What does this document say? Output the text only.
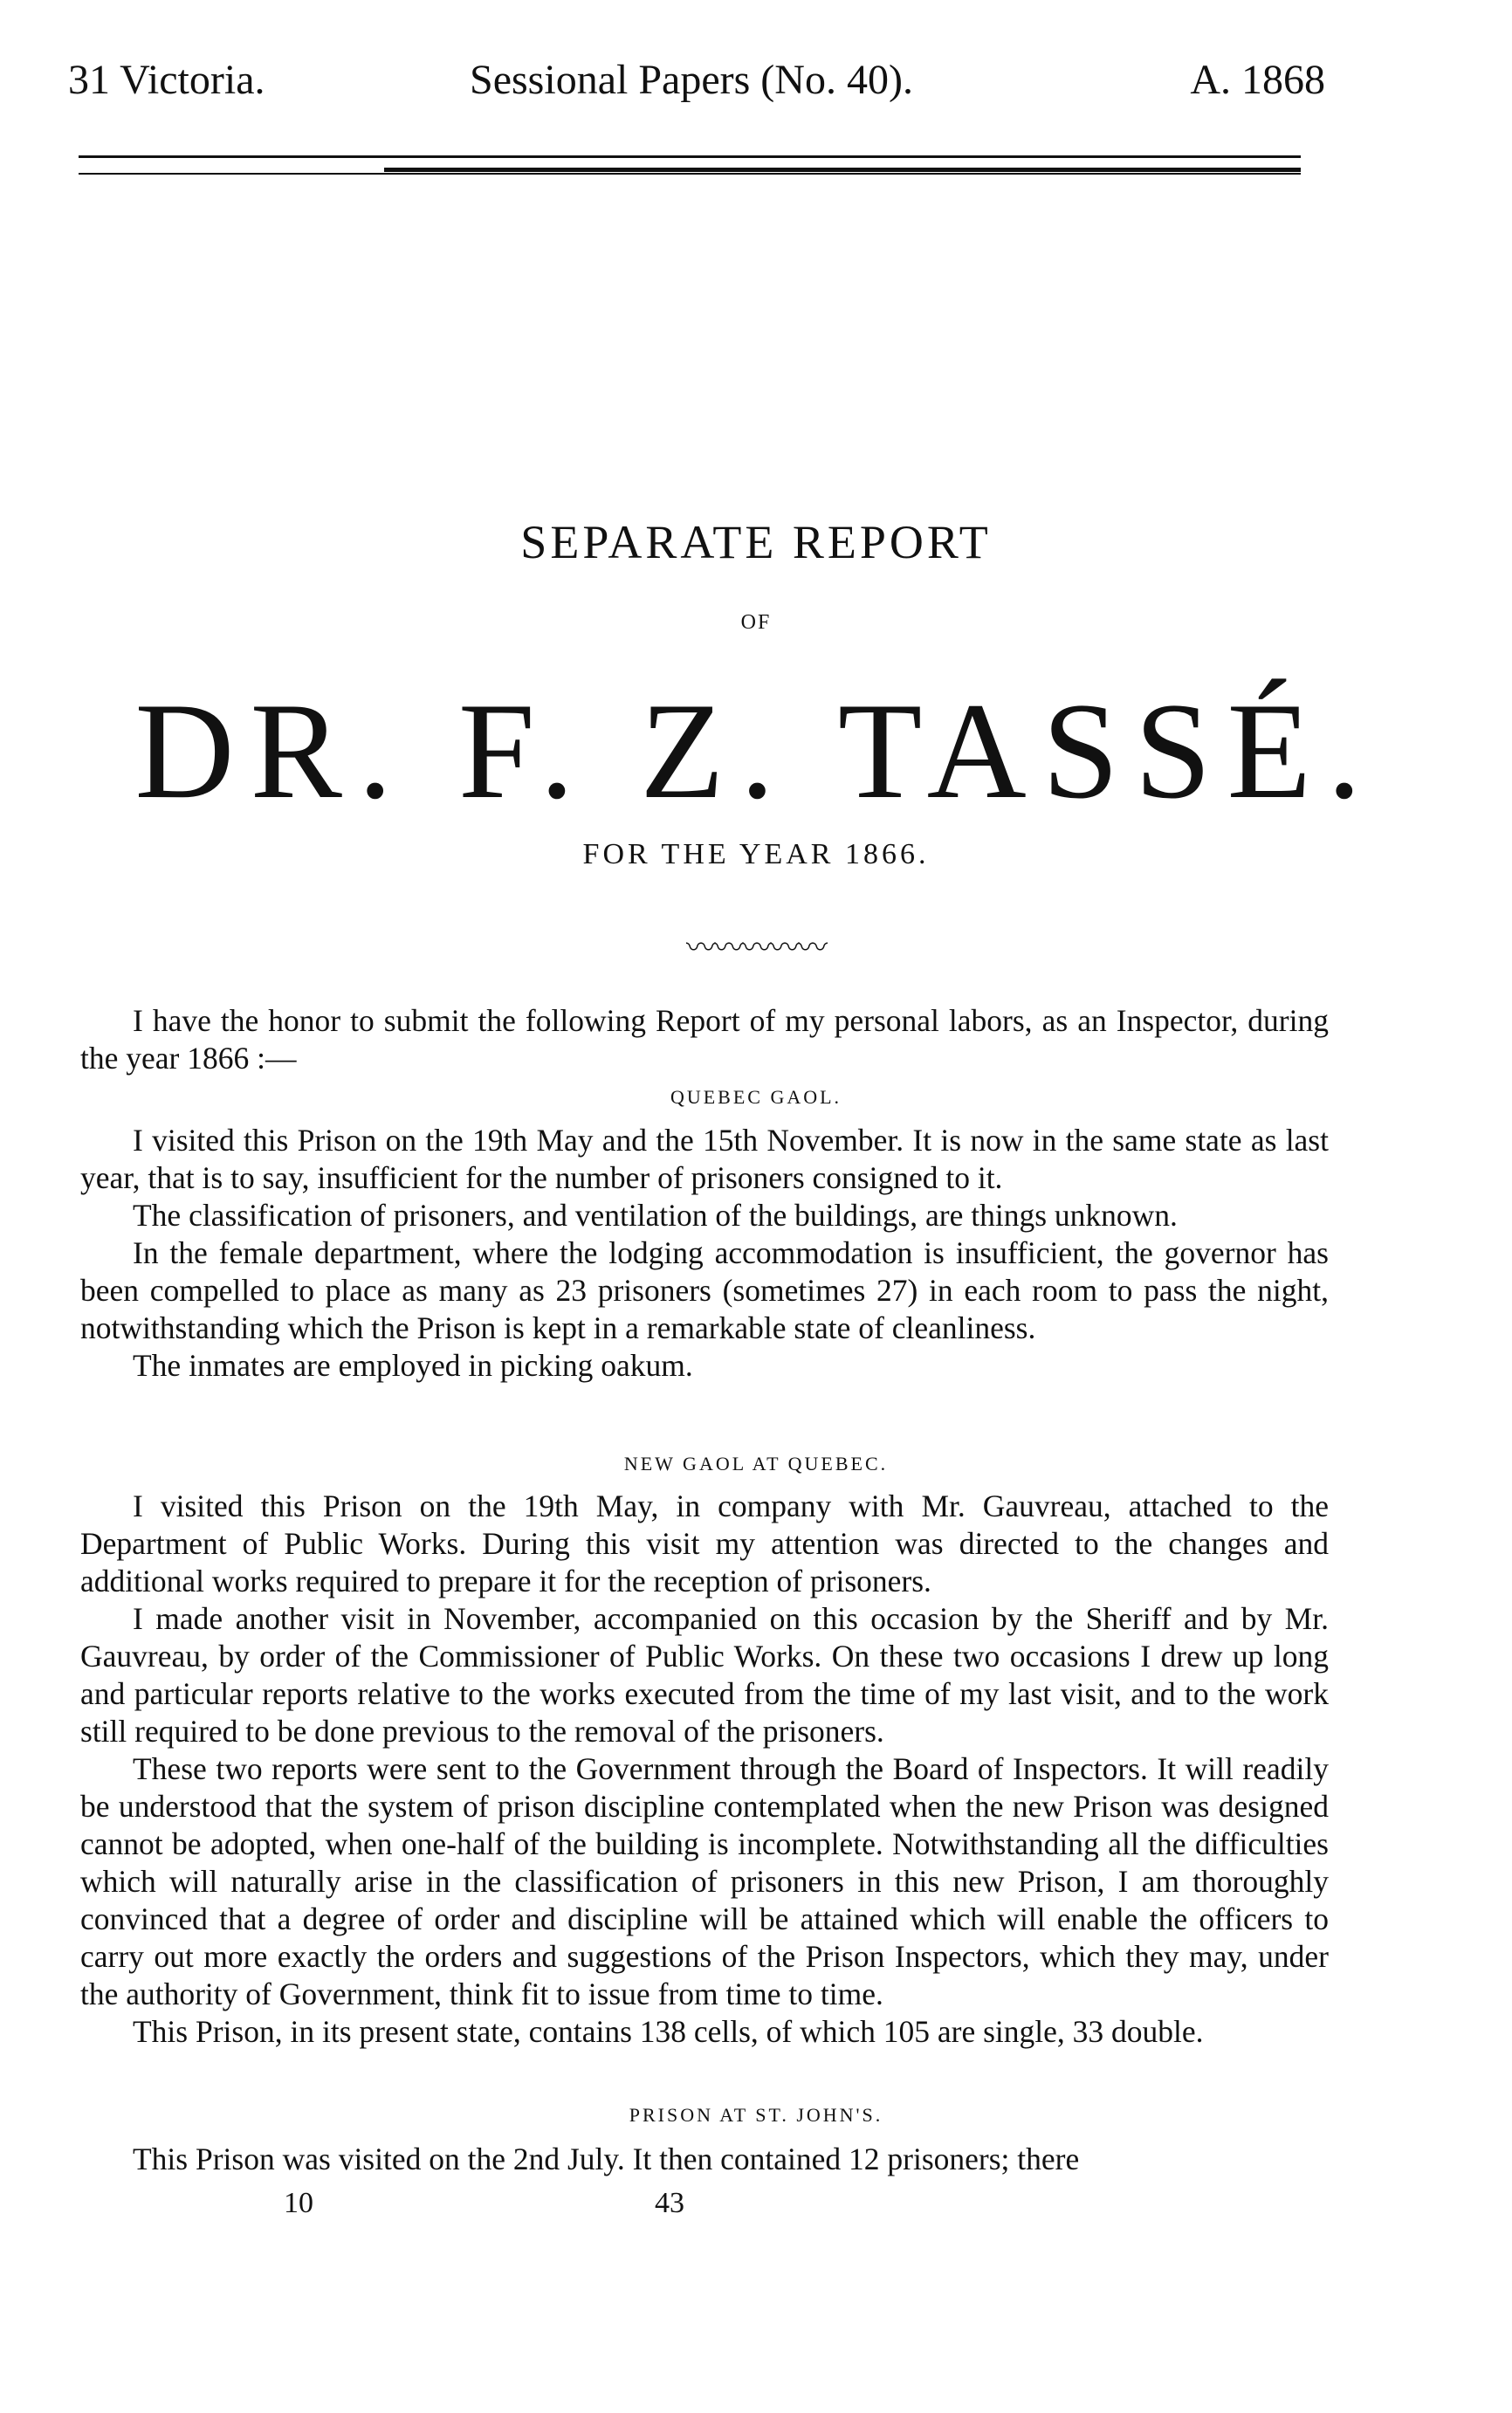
31 Victoria.	Sessional Papers (No. 40).	A. 1868
SEPARATE REPORT
OF
DR. F. Z. TASSÉ.
FOR THE YEAR 1866.
〰〰〰〰〰

I have the honor to submit the following Report of my personal labors, as an Inspector, during the year 1866 :—

QUEBEC GAOL.

I visited this Prison on the 19th May and the 15th November. It is now in the same state as last year, that is to say, insufficient for the number of prisoners consigned to it.

The classification of prisoners, and ventilation of the buildings, are things unknown.

In the female department, where the lodging accommodation is insufficient, the governor has been compelled to place as many as 23 prisoners (sometimes 27) in each room to pass the night, notwithstanding which the Prison is kept in a remarkable state of cleanliness.

The inmates are employed in picking oakum.

NEW GAOL AT QUEBEC.

I visited this Prison on the 19th May, in company with Mr. Gauvreau, attached to the Department of Public Works. During this visit my attention was directed to the changes and additional works required to prepare it for the reception of prisoners.

I made another visit in November, accompanied on this occasion by the Sheriff and by Mr. Gauvreau, by order of the Commissioner of Public Works. On these two occasions I drew up long and particular reports relative to the works executed from the time of my last visit, and to the work still required to be done previous to the removal of the prisoners.

These two reports were sent to the Government through the Board of Inspectors. It will readily be understood that the system of prison discipline contemplated when the new Prison was designed cannot be adopted, when one-half of the building is incomplete. Notwithstanding all the difficulties which will naturally arise in the classification of prisoners in this new Prison, I am thoroughly convinced that a degree of order and discipline will be attained which will enable the officers to carry out more exactly the orders and suggestions of the Prison Inspectors, which they may, under the authority of Government, think fit to issue from time to time.

This Prison, in its present state, contains 138 cells, of which 105 are single, 33 double.

PRISON AT ST. JOHN'S.

This Prison was visited on the 2nd July. It then contained 12 prisoners; there

10	43
